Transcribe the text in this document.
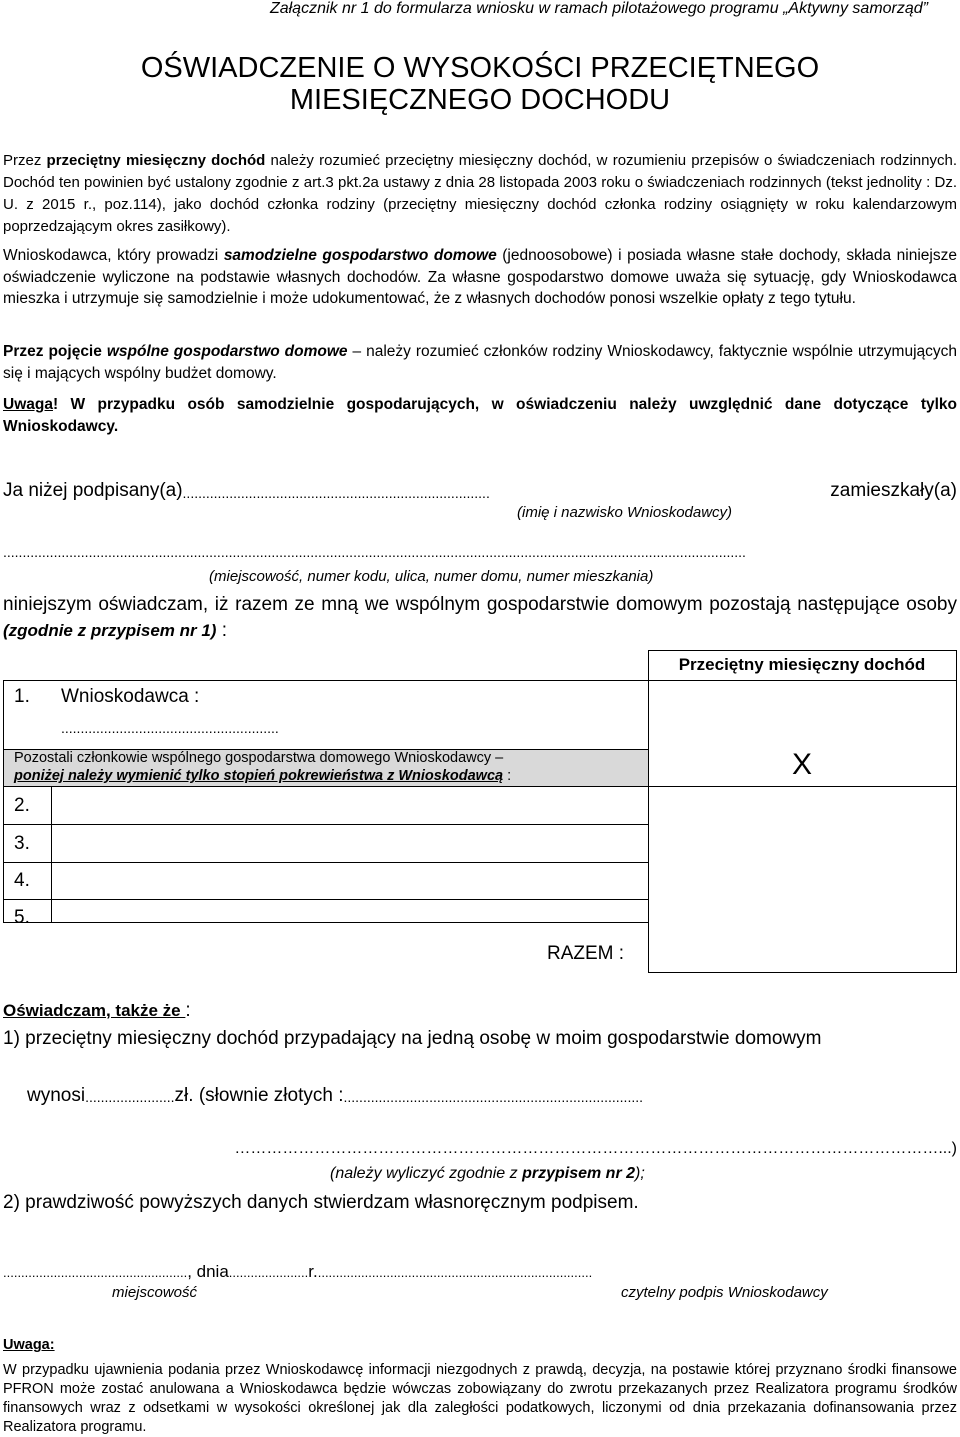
Załącznik nr 1 do formularza wniosku w ramach pilotażowego programu „Aktywny samorząd”
OŚWIADCZENIE O WYSOKOŚCI PRZECIĘTNEGO
MIESIĘCZNEGO DOCHODU
Przez przeciętny miesięczny dochód należy rozumieć przeciętny miesięczny dochód, w rozumieniu przepisów o świadczeniach rodzinnych. Dochód ten powinien być ustalony zgodnie z art.3 pkt.2a ustawy z dnia 28 listopada 2003 roku o świadczeniach rodzinnych (tekst jednolity : Dz. U. z 2015 r., poz.114), jako dochód członka rodziny (przeciętny miesięczny dochód członka rodziny osiągnięty w roku kalendarzowym poprzedzającym okres zasiłkowy).
Wnioskodawca, który prowadzi samodzielne gospodarstwo domowe (jednoosobowe) i posiada własne stałe dochody, składa niniejsze oświadczenie wyliczone na podstawie własnych dochodów. Za własne gospodarstwo domowe uważa się sytuację, gdy Wnioskodawca mieszka i utrzymuje się samodzielnie i może udokumentować, że z własnych dochodów ponosi wszelkie opłaty z tego tytułu.
Przez pojęcie wspólne gospodarstwo domowe – należy rozumieć członków rodziny Wnioskodawcy, faktycznie wspólnie utrzymujących się i mających wspólny budżet domowy.
Uwaga! W przypadku osób samodzielnie gospodarujących, w oświadczeniu należy uwzględnić dane dotyczące tylko Wnioskodawcy.
Ja niżej podpisany(a) ...............................................................................	zamieszkały(a)
(imię i nazwisko Wnioskodawcy)
...............................................................................................................................................................................................
(miejscowość, numer kodu, ulica, numer domu, numer mieszkania)
niniejszym oświadczam, iż razem ze mną we wspólnym gospodarstwie domowym pozostają następujące osoby (zgodnie z przypisem nr 1) :
Przeciętny miesięczny dochód
1. Wnioskodawca :
........................................................
Pozostali członkowie wspólnego gospodarstwa domowego Wnioskodawcy –
poniżej należy wymienić tylko stopień pokrewieństwa z Wnioskodawcą :	X
2.
3.
4.
5.
RAZEM :
Oświadczam, także że :
1) przeciętny miesięczny dochód przypadający na jedną osobę w moim gospodarstwie domowym
wynosi ....................... zł. (słownie złotych : .............................................................................
……………………………………………………………………………………………………………………...)
(należy wyliczyć zgodnie z przypisem nr 2);
2) prawdziwość powyższych danych stwierdzam własnoręcznym podpisem.
................................................... , dnia ...................... r. ............................................................................
miejscowość	czytelny podpis Wnioskodawcy
Uwaga:
W przypadku ujawnienia podania przez Wnioskodawcę informacji niezgodnych z prawdą, decyzja, na postawie której przyznano środki finansowe PFRON może zostać anulowana a Wnioskodawca będzie wówczas zobowiązany do zwrotu przekazanych przez Realizatora programu środków finansowych wraz z odsetkami w wysokości określonej jak dla zaległości podatkowych, liczonymi od dnia przekazania dofinansowania przez Realizatora programu.
